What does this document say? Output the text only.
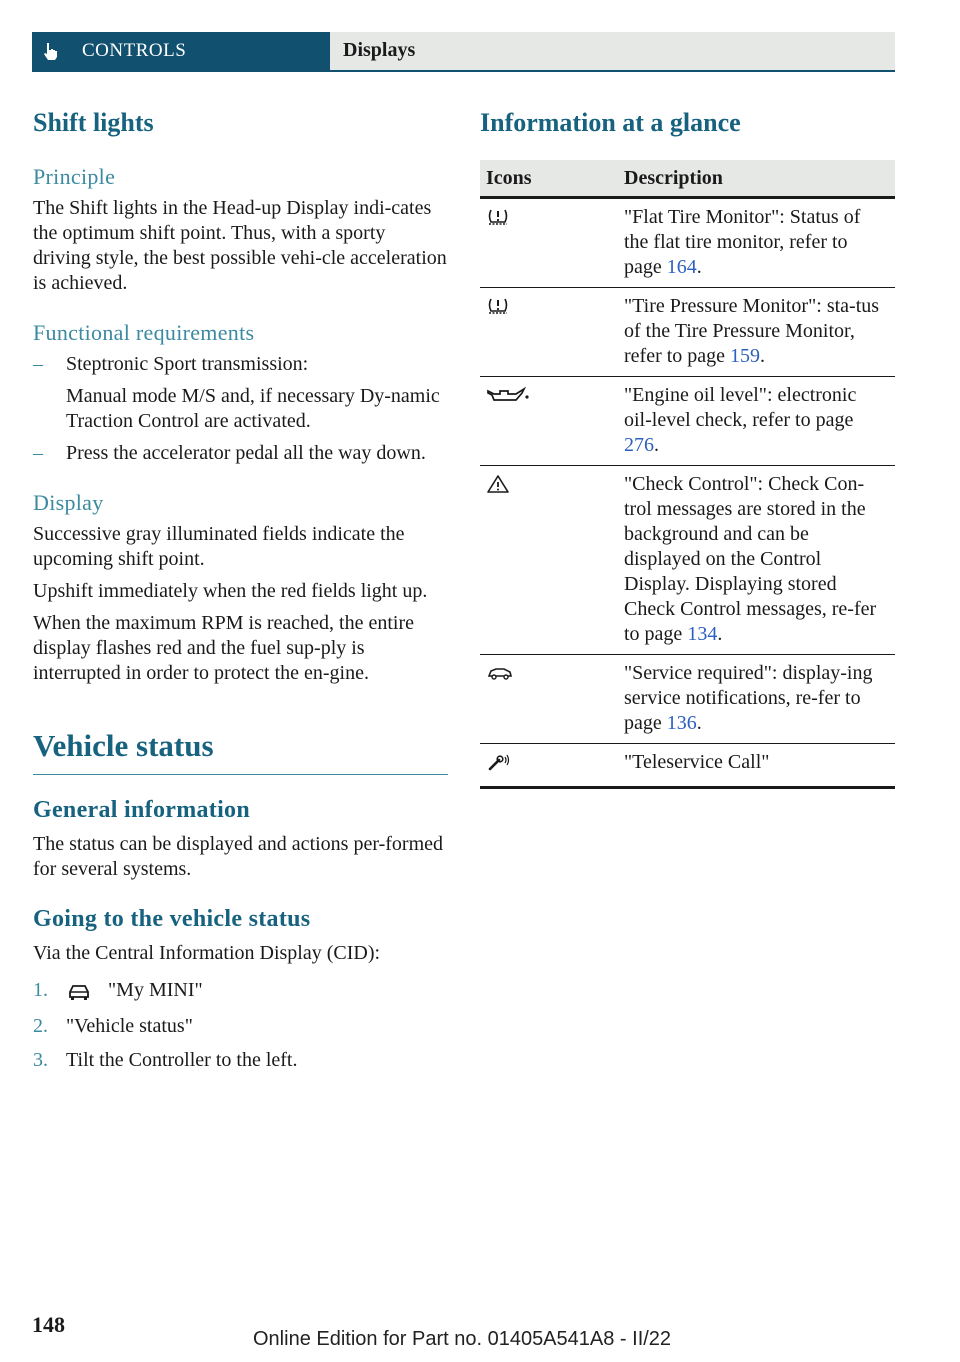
CONTROLS	Displays
Shift lights
Principle

The Shift lights in the Head-up Display indi-cates the optimum shift point. Thus, with a sporty driving style, the best possible vehi-cle acceleration is achieved.

Functional requirements
– Steptronic Sport transmission:
Manual mode M/S and, if necessary Dy-namic Traction Control are activated.
– Press the accelerator pedal all the way down.
Display

Successive gray illuminated fields indicate the upcoming shift point.

Upshift immediately when the red fields light up.

When the maximum RPM is reached, the entire display flashes red and the fuel sup-ply is interrupted in order to protect the en-gine.

Vehicle status
General information

The status can be displayed and actions per-formed for several systems.

Going to the vehicle status

Via the Central Information Display (CID):

1.	"My MINI"
2. "Vehicle status"
3. Tilt the Controller to the left.
Information at a glance
Icons	Description
	"Flat Tire Monitor": Status of the flat tire monitor, refer to page 164.
	"Tire Pressure Monitor": sta-tus of the Tire Pressure Monitor, refer to page 159.
	"Engine oil level": electronic oil-level check, refer to page 276.
	"Check Control": Check Con-trol messages are stored in the background and can be displayed on the Control Display. Displaying stored Check Control messages, re-fer to page 134.
	"Service required": display-ing service notifications, re-fer to page 136.
	"Teleservice Call"
148
Online Edition for Part no. 01405A541A8 - II/22
